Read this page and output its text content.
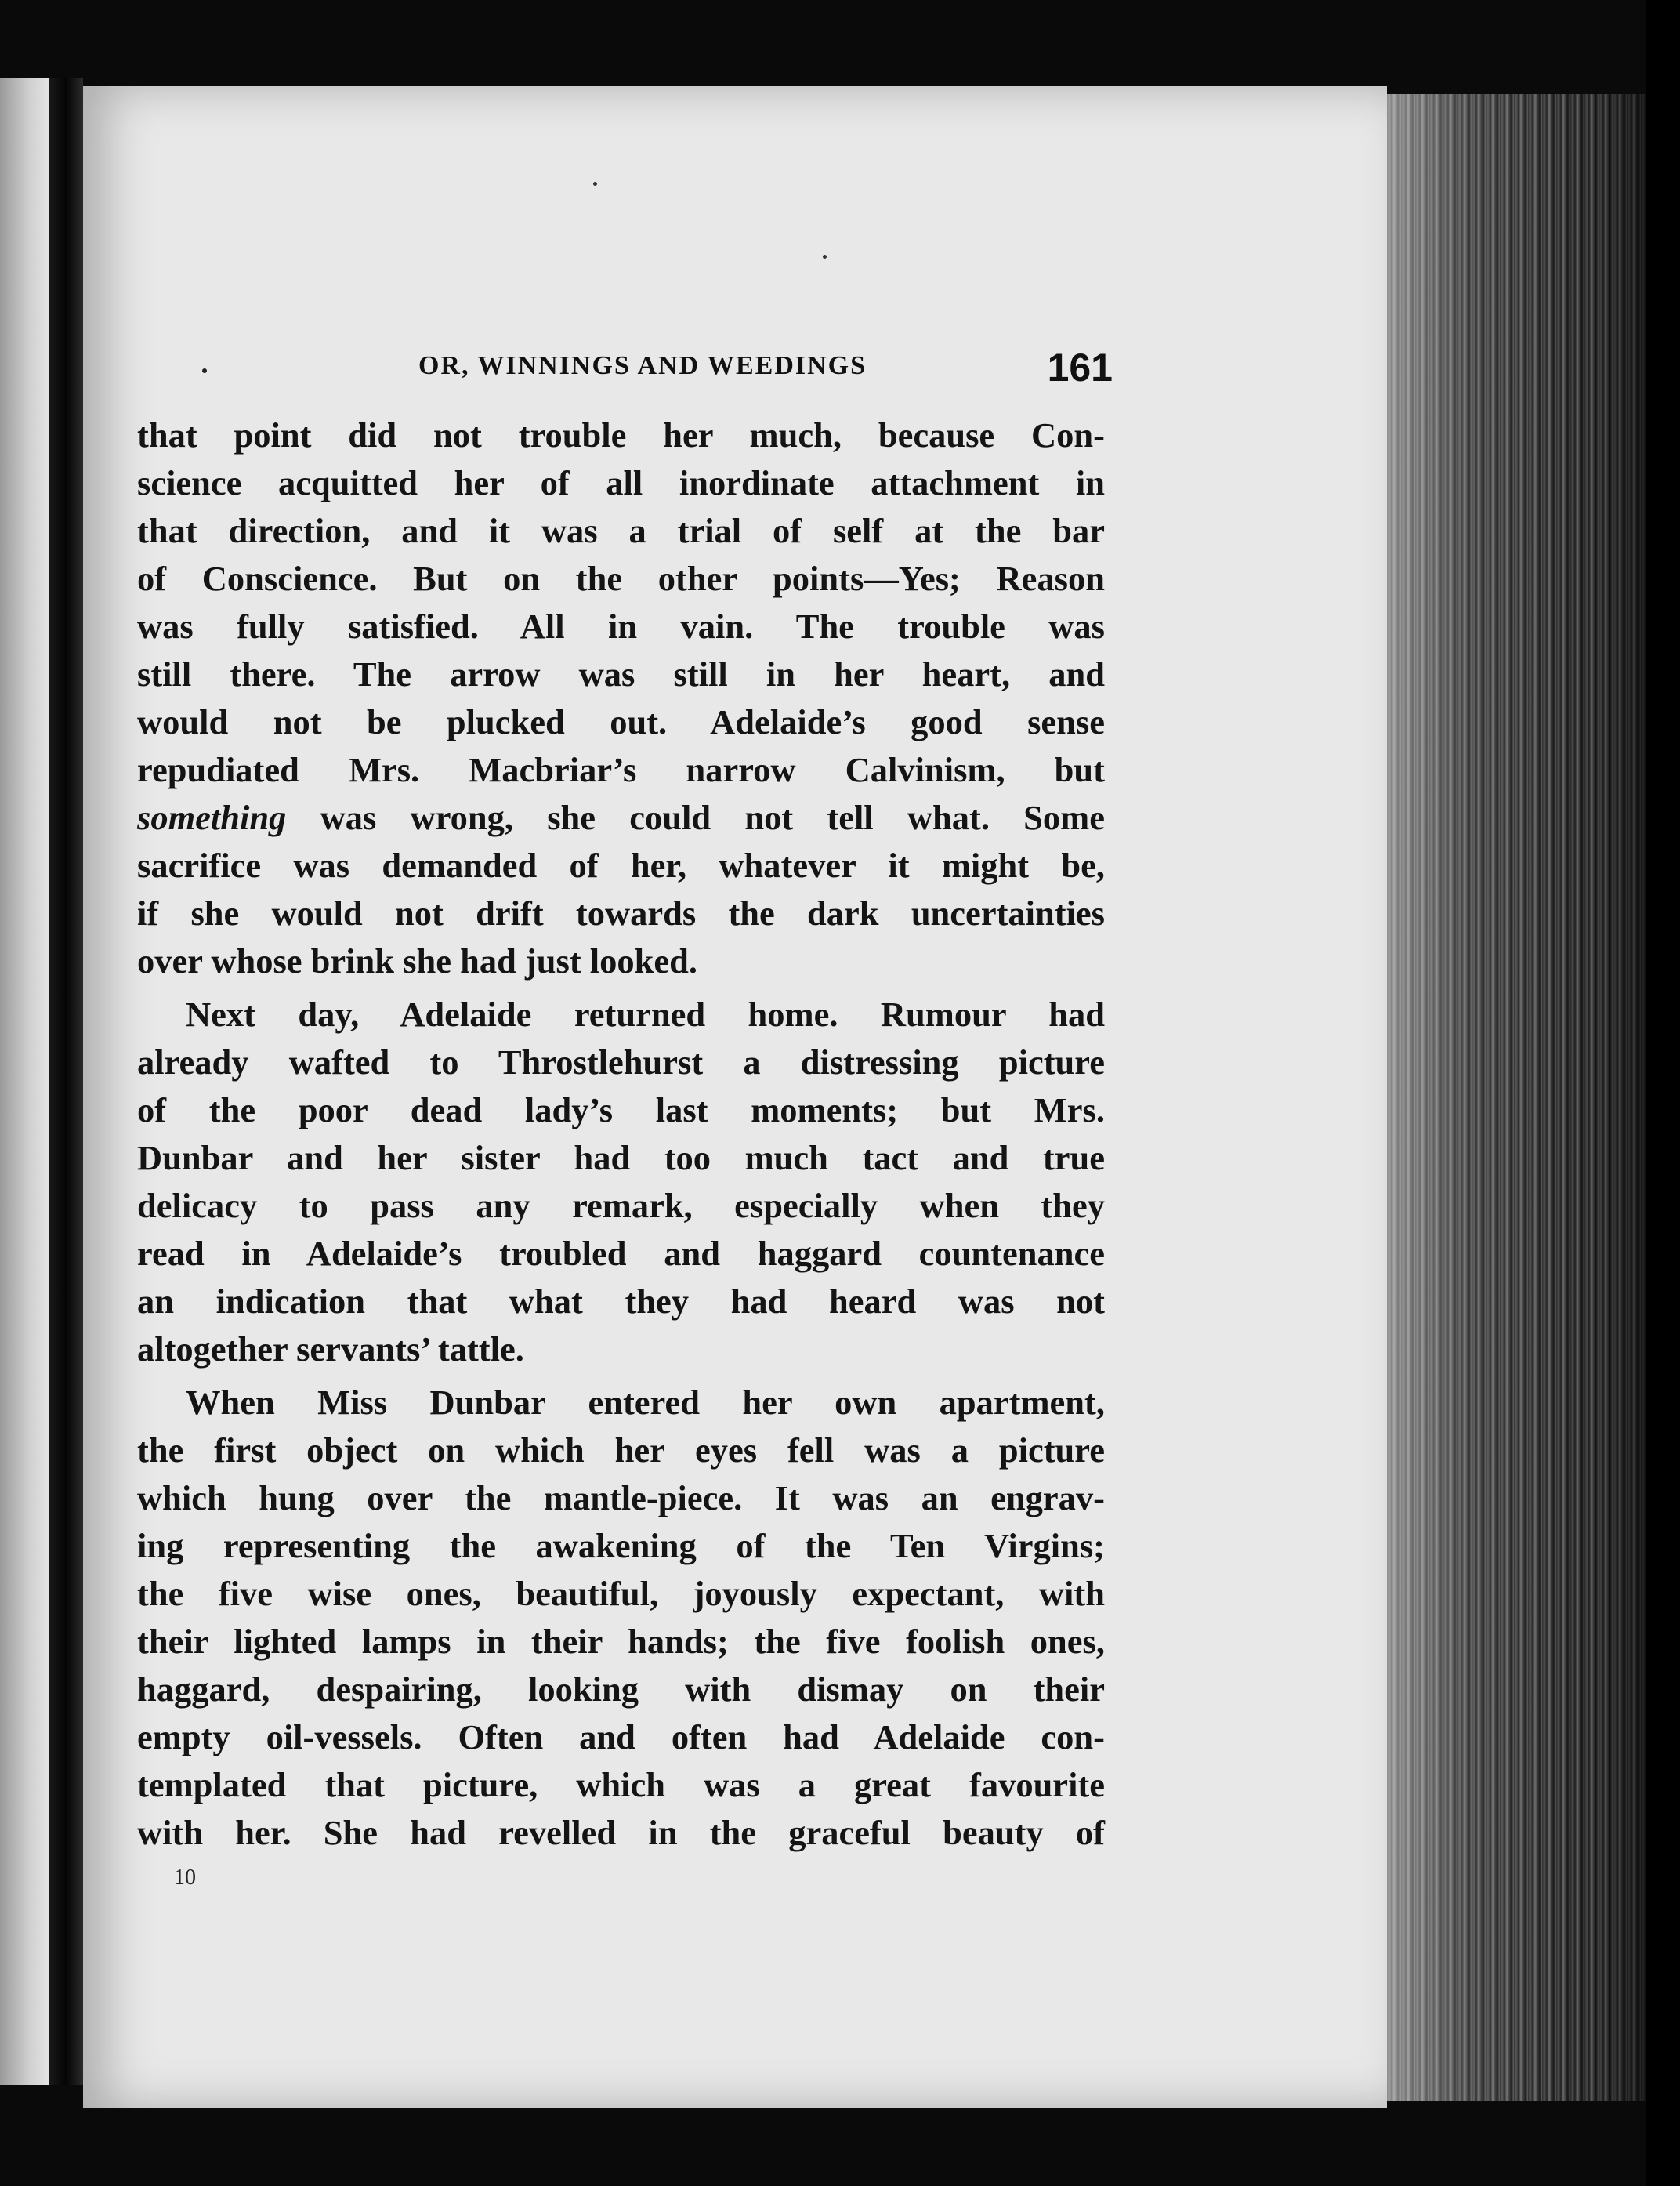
OR, WINNINGS AND WEEDINGS	161
that point did not trouble her much, because Con-
science acquitted her of all inordinate attachment in
that direction, and it was a trial of self at the bar
of Conscience. But on the other points—Yes; Reason
was fully satisfied. All in vain. The trouble was
still there. The arrow was still in her heart, and
would not be plucked out. Adelaide’s good sense
repudiated Mrs. Macbriar’s narrow Calvinism, but
something was wrong, she could not tell what. Some
sacrifice was demanded of her, whatever it might be,
if she would not drift towards the dark uncertainties
over whose brink she had just looked.
Next day, Adelaide returned home. Rumour had
already wafted to Throstlehurst a distressing picture
of the poor dead lady’s last moments; but Mrs.
Dunbar and her sister had too much tact and true
delicacy to pass any remark, especially when they
read in Adelaide’s troubled and haggard countenance
an indication that what they had heard was not
altogether servants’ tattle.
When Miss Dunbar entered her own apartment,
the first object on which her eyes fell was a picture
which hung over the mantle-piece. It was an engrav-
ing representing the awakening of the Ten Virgins;
the five wise ones, beautiful, joyously expectant, with
their lighted lamps in their hands; the five foolish ones,
haggard, despairing, looking with dismay on their
empty oil-vessels. Often and often had Adelaide con-
templated that picture, which was a great favourite
with her. She had revelled in the graceful beauty of
10
